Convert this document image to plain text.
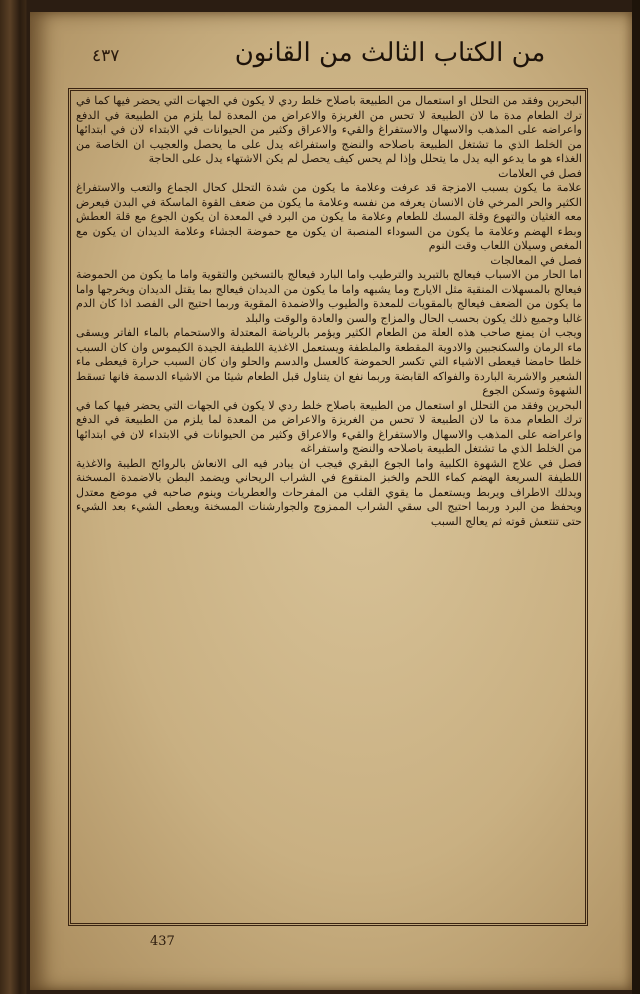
٤٣٧	من الكتاب الثالث من القانون

البحرين وفقد من التحلل او استعمال من الطبيعة باصلاح خلط ردي لا يكون في الجهات التي يحضر فيها كما في ترك الطعام مدة ما لان الطبيعة لا تحس من الغريزة والاعراض من المعدة لما يلزم من الطبيعة في الدفع واعراضه على المذهب والاسهال والاستفراغ والقيء والاعراق وكثير من الحيوانات في الابتداء لان في ابتدائها من الخلط الذي ما تشتغل الطبيعة باصلاحه والنضج واستفراغه يدل على ما يحصل والعجيب ان الخاصة من الغذاء هو ما يدعو اليه يدل ما يتحلل وإذا لم يحس كيف يحصل لم يكن الاشتهاء يدل على الحاجة

فصل في العلامات

علامة ما يكون بسبب الامزجة قد عرفت وعلامة ما يكون من شدة التحلل كحال الجماع والتعب والاستفراغ الكثير والحر المرخي فان الانسان يعرفه من نفسه وعلامة ما يكون من ضعف القوة الماسكة في البدن فيعرض معه الغثيان والتهوع وقلة المسك للطعام وعلامة ما يكون من البرد في المعدة ان يكون الجوع مع قلة العطش وبطء الهضم وعلامة ما يكون من السوداء المنصبة ان يكون مع حموضة الجشاء وعلامة الديدان ان يكون مع المغص وسيلان اللعاب وقت النوم

فصل في المعالجات

اما الحار من الاسباب فيعالج بالتبريد والترطيب واما البارد فيعالج بالتسخين والتقوية واما ما يكون من الحموضة فيعالج بالمسهلات المنقية مثل الايارج وما يشبهه واما ما يكون من الديدان فيعالج بما يقتل الديدان ويخرجها واما ما يكون من الضعف فيعالج بالمقويات للمعدة والطيوب والاضمدة المقوية وربما احتيج الى الفصد اذا كان الدم غالبا وجميع ذلك يكون بحسب الحال والمزاج والسن والعادة والوقت والبلد

ويجب ان يمنع صاحب هذه العلة من الطعام الكثير ويؤمر بالرياضة المعتدلة والاستحمام بالماء الفاتر ويسقى ماء الرمان والسكنجبين والادوية المقطعة والملطفة ويستعمل الاغذية اللطيفة الجيدة الكيموس وان كان السبب خلطا حامضا فيعطى الاشياء التي تكسر الحموضة كالعسل والدسم والحلو وان كان السبب حرارة فيعطى ماء الشعير والاشربة الباردة والفواكه القابضة وربما نفع ان يتناول قبل الطعام شيئا من الاشياء الدسمة فانها تسقط الشهوة وتسكن الجوع

البحرين وفقد من التحلل او استعمال من الطبيعة باصلاح خلط ردي لا يكون في الجهات التي يحضر فيها كما في ترك الطعام مدة ما لان الطبيعة لا تحس من الغريزة والاعراض من المعدة لما يلزم من الطبيعة في الدفع واعراضه على المذهب والاسهال والاستفراغ والقيء والاعراق وكثير من الحيوانات في الابتداء لان في ابتدائها من الخلط الذي ما تشتغل الطبيعة باصلاحه والنضج واستفراغه

فصل في علاج الشهوة الكلبية واما الجوع البقري فيجب ان يبادر فيه الى الانعاش بالروائح الطيبة والاغذية اللطيفة السريعة الهضم كماء اللحم والخبز المنقوع في الشراب الريحاني ويضمد البطن بالاضمدة المسخنة ويدلك الاطراف ويربط ويستعمل ما يقوي القلب من المفرحات والعطريات وينوم صاحبه في موضع معتدل ويحفظ من البرد وربما احتيج الى سقي الشراب الممزوج والجوارشنات المسخنة ويعطى الشيء بعد الشيء حتى تنتعش قوته ثم يعالج السبب

437
